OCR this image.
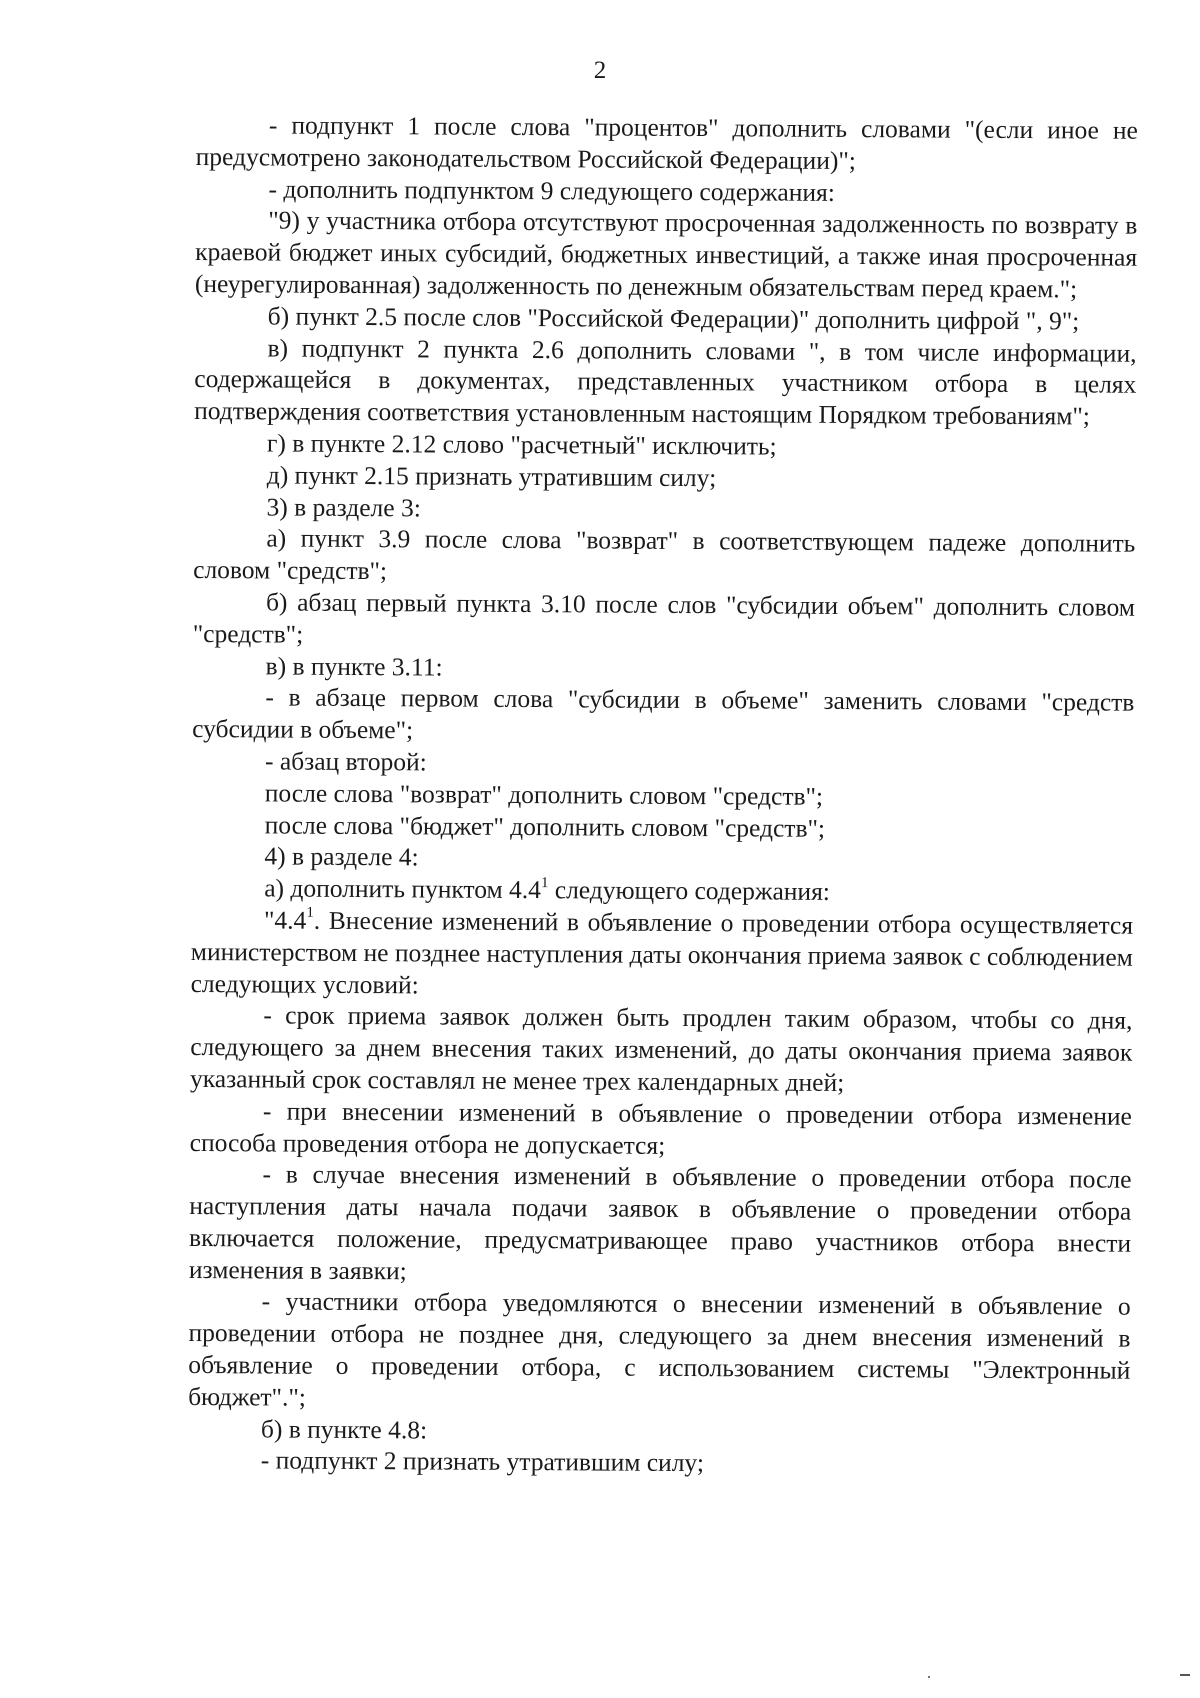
2

- подпункт 1 после слова "процентов" дополнить словами "(если иное не предусмотрено законодательством Российской Федерации)";

- дополнить подпунктом 9 следующего содержания:

"9) у участника отбора отсутствуют просроченная задолженность по возврату в краевой бюджет иных субсидий, бюджетных инвестиций, а также иная просроченная (неурегулированная) задолженность по денежным обязательствам перед краем.";

б) пункт 2.5 после слов "Российской Федерации)" дополнить цифрой ", 9";

в) подпункт 2 пункта 2.6 дополнить словами ", в том числе информации, содержащейся в документах, представленных участником отбора в целях подтверждения соответствия установленным настоящим Порядком требованиям";

г) в пункте 2.12 слово "расчетный" исключить;

д) пункт 2.15 признать утратившим силу;

3) в разделе 3:

а) пункт 3.9 после слова "возврат" в соответствующем падеже дополнить словом "средств";

б) абзац первый пункта 3.10 после слов "субсидии объем" дополнить словом "средств";

в) в пункте 3.11:

- в абзаце первом слова "субсидии в объеме" заменить словами "средств субсидии в объеме";

- абзац второй:

после слова "возврат" дополнить словом "средств";

после слова "бюджет" дополнить словом "средств";

4) в разделе 4:

а) дополнить пунктом $4.4^1$ следующего содержания:

"$4.4^1$. Внесение изменений в объявление о проведении отбора осуществляется министерством не позднее наступления даты окончания приема заявок с соблюдением следующих условий:

- срок приема заявок должен быть продлен таким образом, чтобы со дня, следующего за днем внесения таких изменений, до даты окончания приема заявок указанный срок составлял не менее трех календарных дней;

- при внесении изменений в объявление о проведении отбора изменение способа проведения отбора не допускается;

- в случае внесения изменений в объявление о проведении отбора после наступления даты начала подачи заявок в объявление о проведении отбора включается положение, предусматривающее право участников отбора внести изменения в заявки;

- участники отбора уведомляются о внесении изменений в объявление о проведении отбора не позднее дня, следующего за днем внесения изменений в объявление о проведении отбора, с использованием системы "Электронный бюджет".";

б) в пункте 4.8:

- подпункт 2 признать утратившим силу;
